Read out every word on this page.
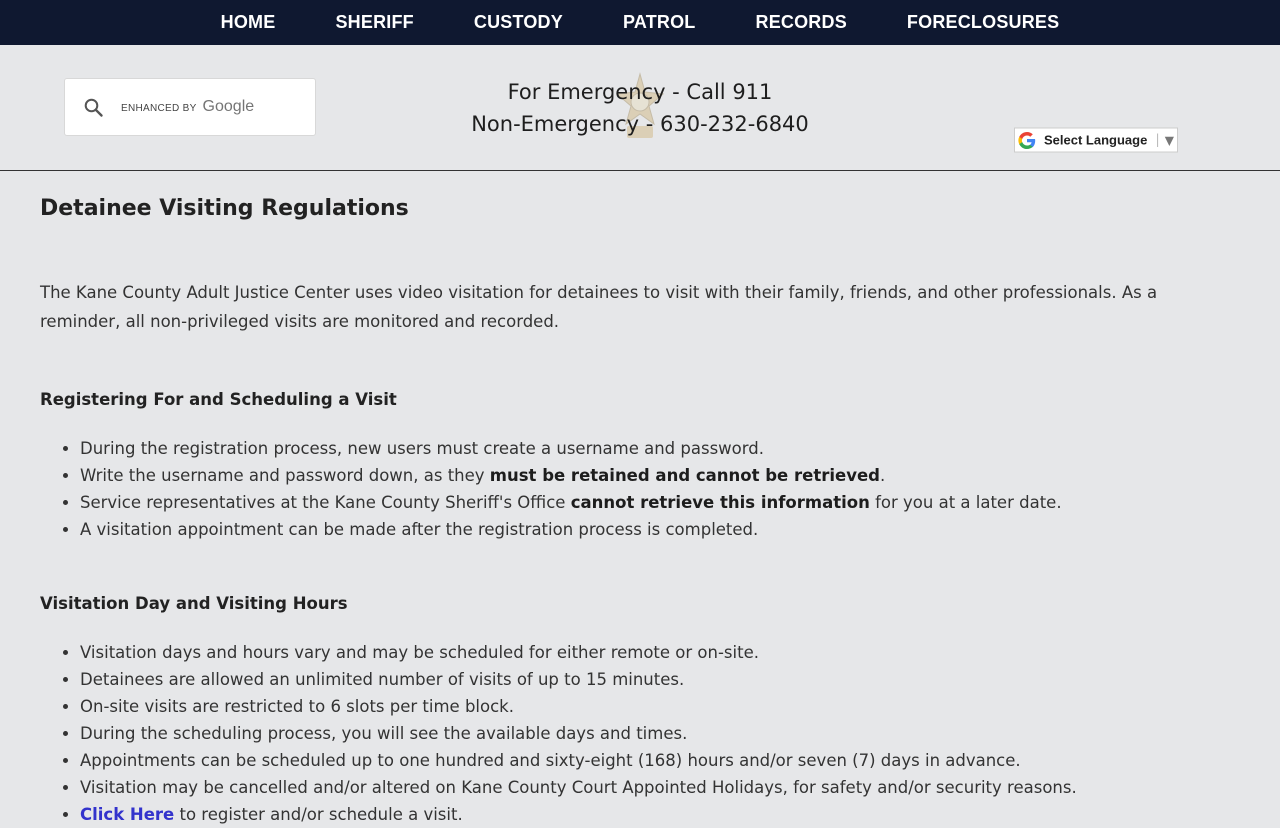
HOME	SHERIFF	CUSTODY	PATROL	RECORDS	FORECLOSURES
ENHANCED BY Google
For Emergency - Call 911
Non-Emergency - 630-232-6840
Select Language | ▼
Detainee Visiting Regulations

The Kane County Adult Justice Center uses video visitation for detainees to visit with their family, friends, and other professionals. As a reminder, all non-privileged visits are monitored and recorded.

Registering For and Scheduling a Visit
• During the registration process, new users must create a username and password.
• Write the username and password down, as they must be retained and cannot be retrieved.
• Service representatives at the Kane County Sheriff's Office cannot retrieve this information for you at a later date.
• A visitation appointment can be made after the registration process is completed.
Visitation Day and Visiting Hours
• Visitation days and hours vary and may be scheduled for either remote or on-site.
• Detainees are allowed an unlimited number of visits of up to 15 minutes.
• On-site visits are restricted to 6 slots per time block.
• During the scheduling process, you will see the available days and times.
• Appointments can be scheduled up to one hundred and sixty-eight (168) hours and/or seven (7) days in advance.
• Visitation may be cancelled and/or altered on Kane County Court Appointed Holidays, for safety and/or security reasons.
• Click Here to register and/or schedule a visit.
